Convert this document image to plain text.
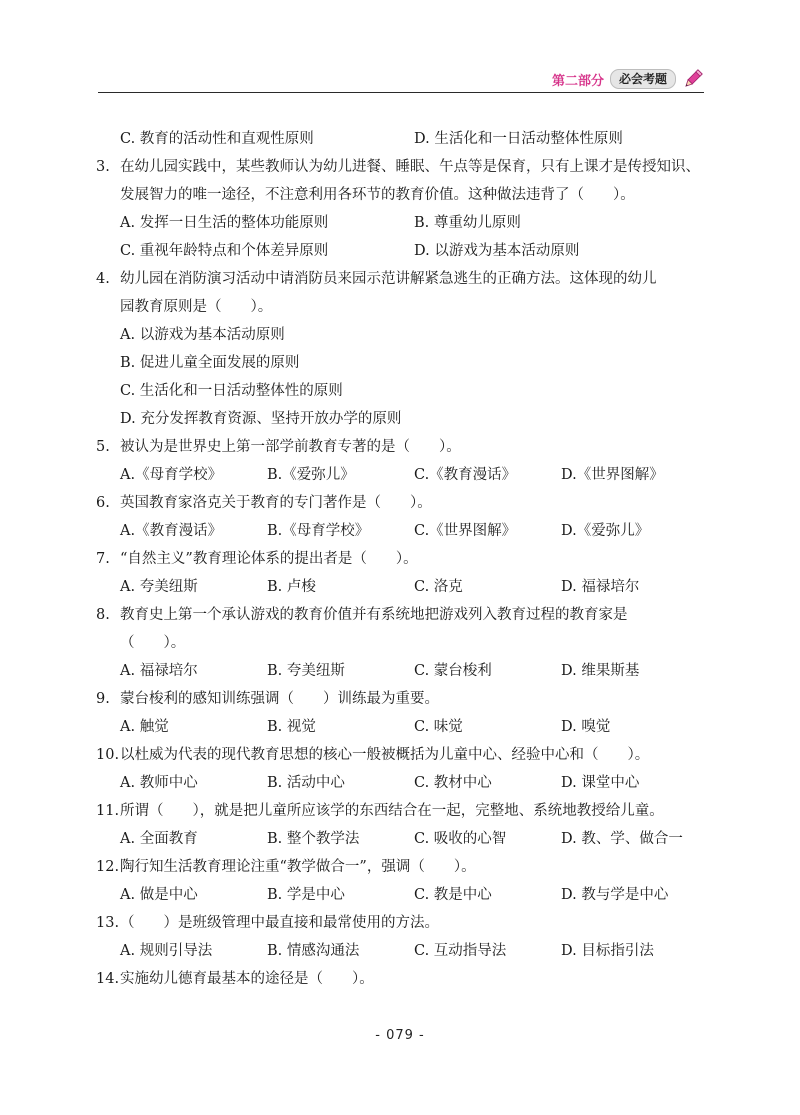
第二部分	必会考题
C. 教育的活动性和直观性原则	D. 生活化和一日活动整体性原则
3. 在幼儿园实践中，某些教师认为幼儿进餐、睡眠、午点等是保育，只有上课才是传授知识、
发展智力的唯一途径，不注意利用各环节的教育价值。这种做法违背了（　　）。
A. 发挥一日生活的整体功能原则	B. 尊重幼儿原则
C. 重视年龄特点和个体差异原则	D. 以游戏为基本活动原则
4. 幼儿园在消防演习活动中请消防员来园示范讲解紧急逃生的正确方法。这体现的幼儿
园教育原则是（　　）。
A. 以游戏为基本活动原则
B. 促进儿童全面发展的原则
C. 生活化和一日活动整体性的原则
D. 充分发挥教育资源、坚持开放办学的原则
5. 被认为是世界史上第一部学前教育专著的是（　　）。
A.《母育学校》	B.《爱弥儿》	C.《教育漫话》	D.《世界图解》
6. 英国教育家洛克关于教育的专门著作是（　　）。
A.《教育漫话》	B.《母育学校》	C.《世界图解》	D.《爱弥儿》
7. “自然主义”教育理论体系的提出者是（　　）。
A. 夸美纽斯	B. 卢梭	C. 洛克	D. 福禄培尔
8. 教育史上第一个承认游戏的教育价值并有系统地把游戏列入教育过程的教育家是
（　　）。
A. 福禄培尔	B. 夸美纽斯	C. 蒙台梭利	D. 维果斯基
9. 蒙台梭利的感知训练强调（　　）训练最为重要。
A. 触觉	B. 视觉	C. 味觉	D. 嗅觉
10. 以杜威为代表的现代教育思想的核心一般被概括为儿童中心、经验中心和（　　）。
A. 教师中心	B. 活动中心	C. 教材中心	D. 课堂中心
11. 所谓（　　），就是把儿童所应该学的东西结合在一起，完整地、系统地教授给儿童。
A. 全面教育	B. 整个教学法	C. 吸收的心智	D. 教、学、做合一
12. 陶行知生活教育理论注重“教学做合一”，强调（　　）。
A. 做是中心	B. 学是中心	C. 教是中心	D. 教与学是中心
13. （　　）是班级管理中最直接和最常使用的方法。
A. 规则引导法	B. 情感沟通法	C. 互动指导法	D. 目标指引法
14. 实施幼儿德育最基本的途径是（　　）。
- 079 -
